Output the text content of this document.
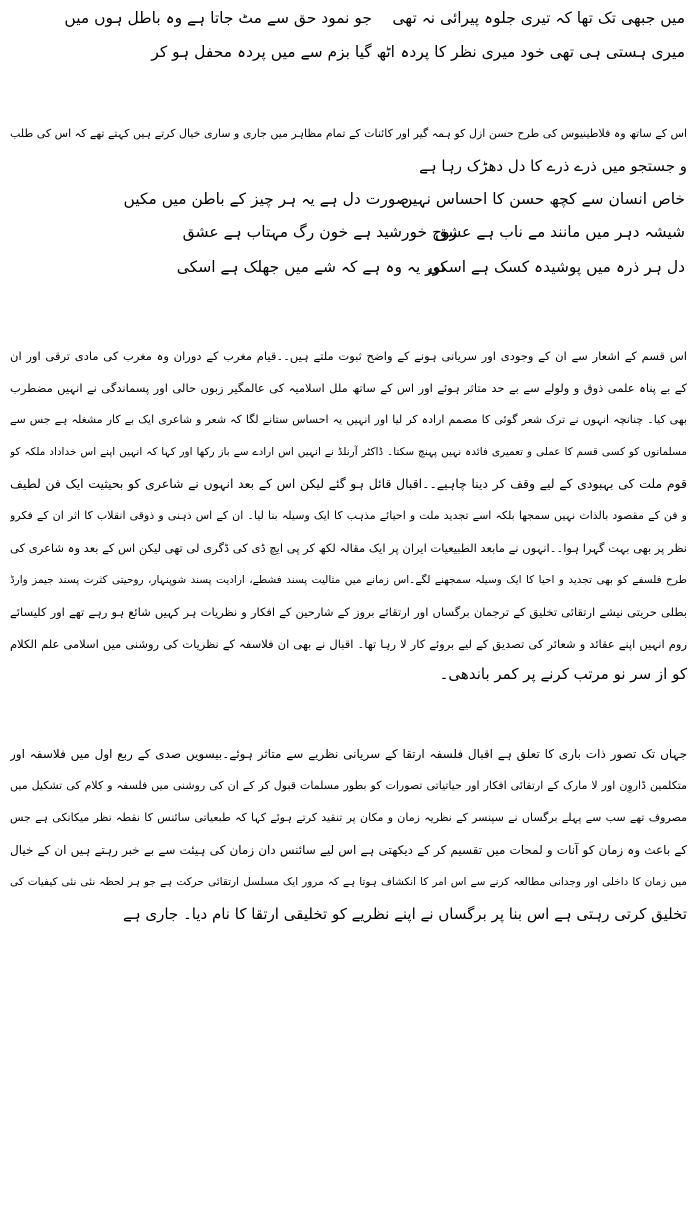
میں جبھی تک تھا کہ تیری جلوہ پیرائی نہ تھی
جو نمود حق سے مٹ جاتا ہے وہ باطل ہوں میں
میری ہستی ہی تھی خود میری نظر کا پردہ
اٹھ گیا بزم سے میں پردہ محفل ہو کر
اس کے ساتھ وہ فلاطینیوس کی طرح حسن ازل کو ہمہ گیر اور کائنات کے تمام مظاہر میں جاری و ساری خیال کرتے ہیں کہتے تھے کہ اس کی طلب
و جستجو میں ذرے ذرے کا دل دھڑک رہا ہے
خاص انسان سے کچھ حسن کا احساس نہیں
صورت دل ہے یہ ہر چیز کے باطن میں مکیں
شیشہ دہر میں مانند مے ناب ہے عشق
روح خورشید ہے خون رگ مہتاب ہے عشق
دل ہر ذرہ میں پوشیدہ کسک ہے اسکی
نور یہ وہ ہے کہ شے میں جھلک ہے اسکی
اس قسم کے اشعار سے ان کے وجودی اور سریانی ہونے کے واضح ثبوت ملتے ہیں۔۔قیام مغرب کے دوران وہ مغرب کی مادی ترقی اور ان
کے بے پناہ علمی ذوق و ولولے سے بے حد متاثر ہوئے اور اس کے ساتھ ملل اسلامیہ کی عالمگیر زبوں حالی اور پسماندگی نے انہیں مضطرب
بھی کیا۔ چنانچہ انہوں نے ترک شعر گوئی کا مصمم ارادہ کر لیا اور انہیں یہ احساس ستانے لگا کہ شعر و شاعری ایک بے کار مشغلہ ہے جس سے
مسلمانوں کو کسی قسم کا عملی و تعمیری فائدہ نہیں پہنچ سکتا۔ ڈاکٹر آرنلڈ نے انہیں اس ارادے سے باز رکھا اور کہا کہ انہیں اپنے اس خداداد ملکہ کو
قوم ملت کی بہبودی کے لیے وقف کر دینا چاہیے۔۔اقبال قائل ہو گئے لیکن اس کے بعد انہوں نے شاعری کو بحیثیت ایک فن لطیف
و فن کے مقصود بالذات نہیں سمجھا بلکہ اسے تجدید ملت و احیائے مذہب کا ایک وسیلہ بنا لیا۔ ان کے اس ذہنی و ذوقی انقلاب کا اثر ان کے فکرو
نظر پر بھی بہت گہرا ہوا۔۔انہوں نے مابعد الطبیعیات ایران پر ایک مقالہ لکھ کر پی ایچ ڈی کی ڈگری لی تھی لیکن اس کے بعد وہ شاعری کی
طرح فلسفے کو بھی تجدید و احیا کا ایک وسیلہ سمجھنے لگے۔اس زمانے میں مثالیت پسند فشطے، ارادیت پسند شوپنہار، روحیتی کثرت پسند جیمز وارڈ
بطلی حریتی نیشے ارتقائی تخلیق کے ترجمان برگساں اور ارتقائے بروز کے شارحین کے افکار و نظریات ہر کہیں شائع ہو رہے تھے اور کلیسائے
روم انہیں اپنے عقائد و شعائر کی تصدیق کے لیے بروئے کار لا رہا تھا۔ اقبال نے بھی ان فلاسفہ کے نظریات کی روشنی میں اسلامی علم الکلام
کو از سر نو مرتب کرنے پر کمر باندھی۔
جہاں تک تصور ذات باری کا تعلق ہے اقبال فلسفہ ارتقا کے سریانی نظریے سے متاثر ہوئے۔بیسویں صدی کے ربع اول میں فلاسفہ اور
متکلمین ڈاروِن اور لا مارک کے ارتقائی افکار اور حیاتیاتی تصورات کو بطور مسلمات قبول کر کے ان کی روشنی میں فلسفہ و کلام کی تشکیل میں
مصروف تھے سب سے پہلے برگساں نے سپنسر کے نظریہ زمان و مکان پر تنقید کرتے ہوئے کہا کہ طبعیاتی سائنس کا نقطہ نظر میکانکی ہے جس
کے باعث وہ زمان کو آنات و لمحات میں تقسیم کر کے دیکھتی ہے اس لیے سائنس دان زمان کی ہیئت سے بے خبر رہتے ہیں ان کے خیال
میں زمان کا داخلی اور وجدانی مطالعہ کرنے سے اس امر کا انکشاف ہوتا ہے کہ مرور ایک مسلسل ارتقائی حرکت ہے جو ہر لحظہ نئی نئی کیفیات کی
تخلیق کرتی رہتی ہے اس بنا پر برگساں نے اپنے نظریے کو تخلیقی ارتقا کا نام دیا۔ جاری ہے
